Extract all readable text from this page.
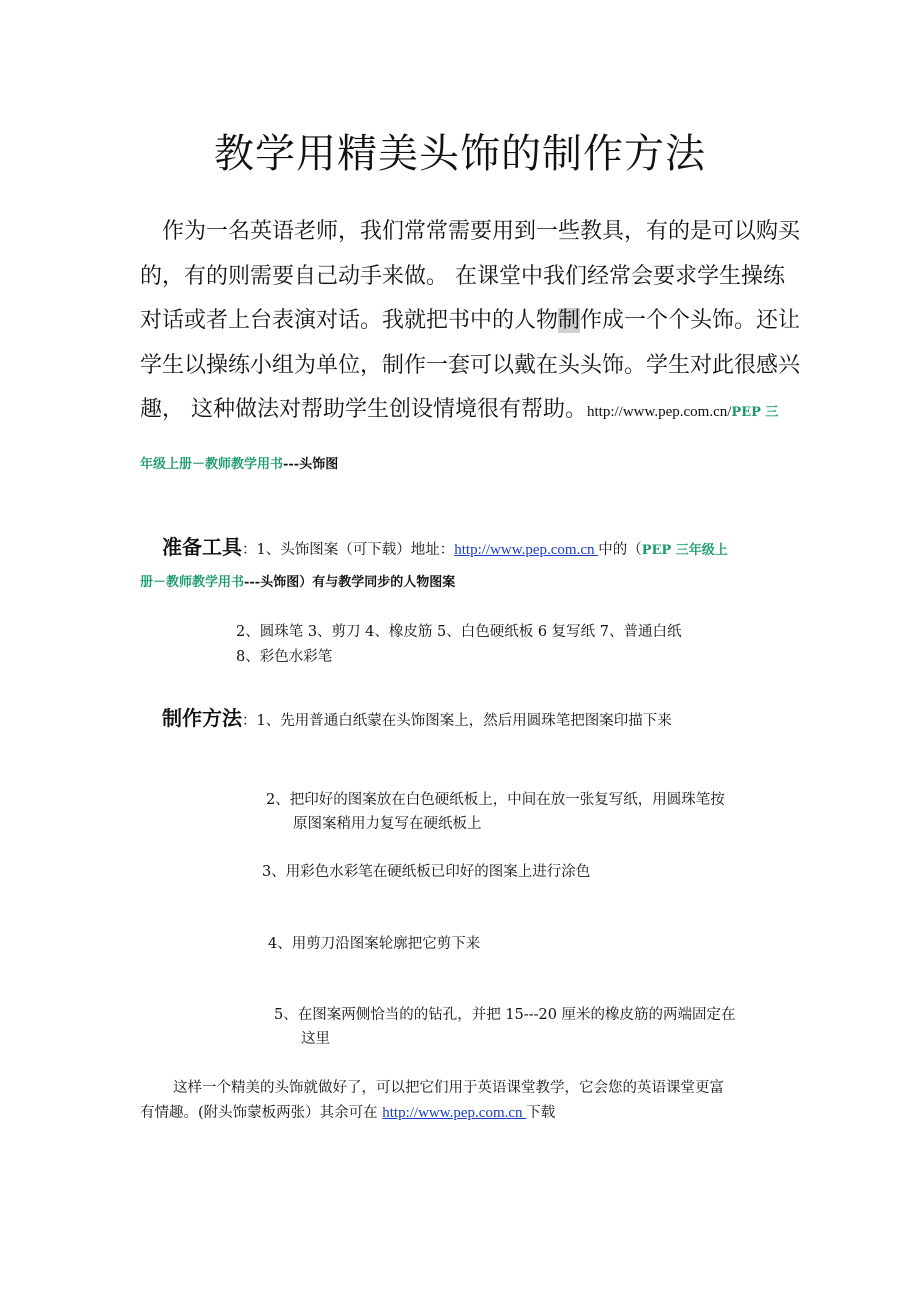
教学用精美头饰的制作方法
作为一名英语老师，我们常常需要用到一些教具，有的是可以购买
的，有的则需要自己动手来做。 在课堂中我们经常会要求学生操练
对话或者上台表演对话。我就把书中的人物制作成一个个头饰。还让
学生以操练小组为单位，制作一套可以戴在头头饰。学生对此很感兴
趣， 这种做法对帮助学生创设情境很有帮助。http://www.pep.com.cn/PEP 三
年级上册－教师教学用书---头饰图
准备工具：1、头饰图案（可下载）地址：http://www.pep.com.cn 中的（PEP 三年级上
册－教师教学用书---头饰图）有与教学同步的人物图案
2、圆珠笔 3、剪刀 4、橡皮筋 5、白色硬纸板 6 复写纸 7、普通白纸
8、彩色水彩笔
制作方法：1、先用普通白纸蒙在头饰图案上，然后用圆珠笔把图案印描下来
2、把印好的图案放在白色硬纸板上，中间在放一张复写纸，用圆珠笔按
原图案稍用力复写在硬纸板上
3、用彩色水彩笔在硬纸板已印好的图案上进行涂色
4、用剪刀沿图案轮廓把它剪下来
5、在图案两侧恰当的的钻孔，并把 15---20 厘米的橡皮筋的两端固定在
这里
这样一个精美的头饰就做好了，可以把它们用于英语课堂教学，它会您的英语课堂更富
有情趣。(附头饰蒙板两张）其余可在 http://www.pep.com.cn 下载
